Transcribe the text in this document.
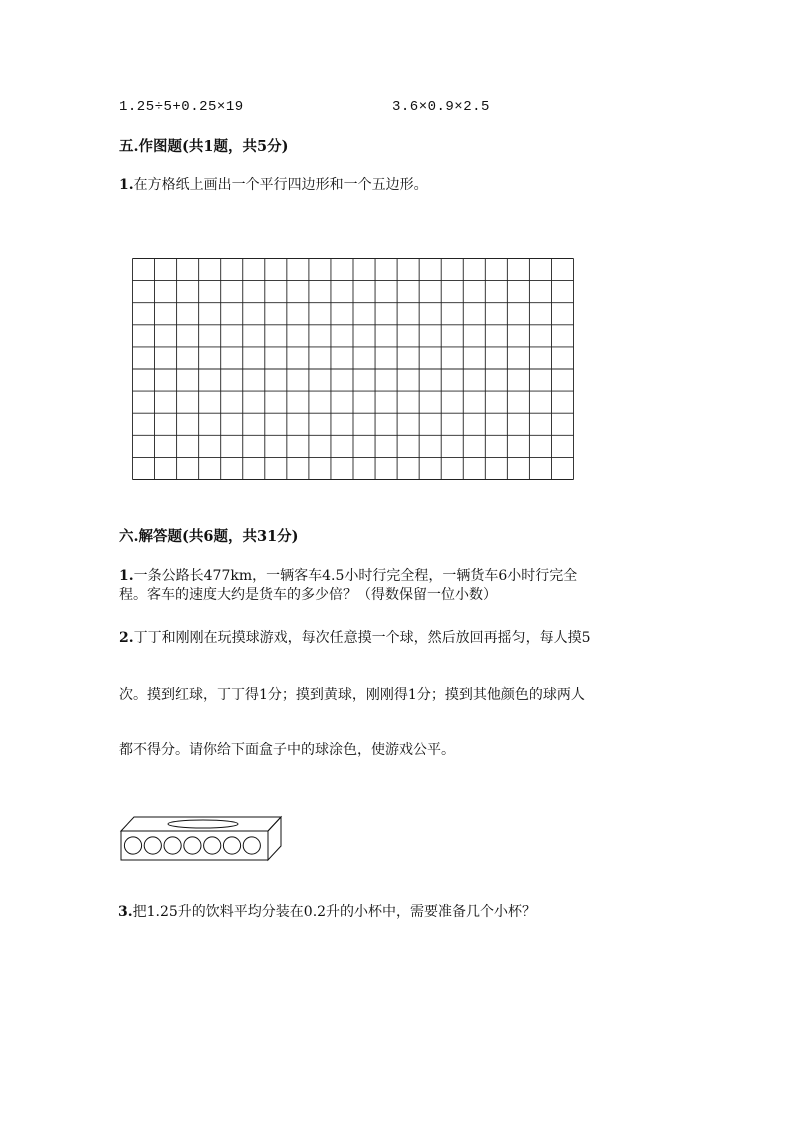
1.25÷5+0.25×19	3.6×0.9×2.5
五.作图题(共1题，共5分)
1.在方格纸上画出一个平行四边形和一个五边形。
六.解答题(共6题，共31分)
1.一条公路长477km，一辆客车4.5小时行完全程，一辆货车6小时行完全
程。客车的速度大约是货车的多少倍？（得数保留一位小数）
2.丁丁和刚刚在玩摸球游戏，每次任意摸一个球，然后放回再摇匀，每人摸5
次。摸到红球，丁丁得1分；摸到黄球，刚刚得1分；摸到其他颜色的球两人
都不得分。请你给下面盒子中的球涂色，使游戏公平。
3.把1.25升的饮料平均分装在0.2升的小杯中，需要准备几个小杯？
